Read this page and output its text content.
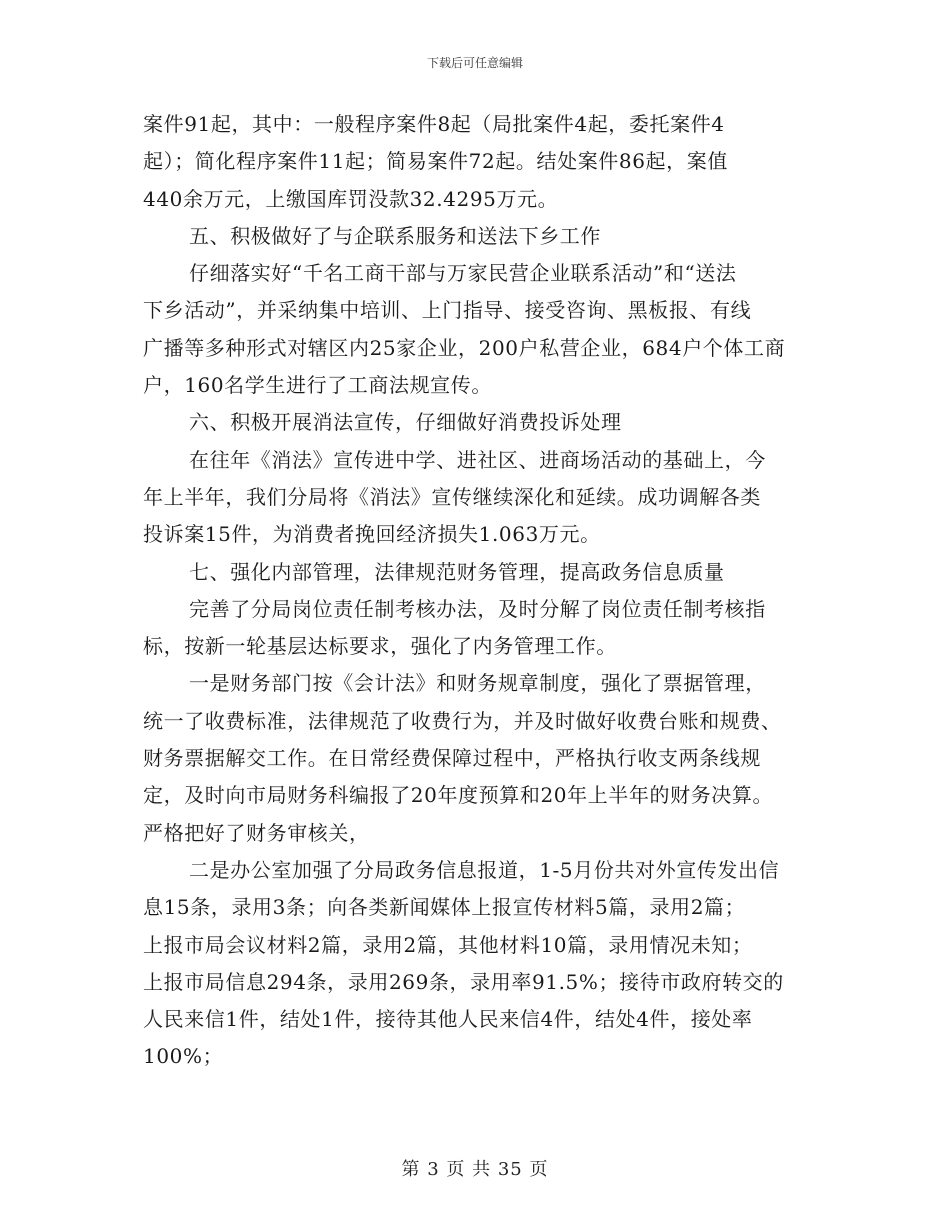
下载后可任意编辑
案件91起，其中：一般程序案件8起（局批案件4起，委托案件4
起）；简化程序案件11起；简易案件72起。结处案件86起，案值
440余万元，上缴国库罚没款32.4295万元。
五、积极做好了与企联系服务和送法下乡工作
仔细落实好“千名工商干部与万家民营企业联系活动”和“送法
下乡活动”，并采纳集中培训、上门指导、接受咨询、黑板报、有线
广播等多种形式对辖区内25家企业，200户私营企业，684户个体工商
户，160名学生进行了工商法规宣传。
六、积极开展消法宣传，仔细做好消费投诉处理
在往年《消法》宣传进中学、进社区、进商场活动的基础上，今
年上半年，我们分局将《消法》宣传继续深化和延续。成功调解各类
投诉案15件，为消费者挽回经济损失1.063万元。
七、强化内部管理，法律规范财务管理，提高政务信息质量
完善了分局岗位责任制考核办法，及时分解了岗位责任制考核指
标，按新一轮基层达标要求，强化了内务管理工作。
一是财务部门按《会计法》和财务规章制度，强化了票据管理，
统一了收费标准，法律规范了收费行为，并及时做好收费台账和规费、
财务票据解交工作。在日常经费保障过程中，严格执行收支两条线规
定，及时向市局财务科编报了20年度预算和20年上半年的财务决算。
严格把好了财务审核关，
二是办公室加强了分局政务信息报道，1-5月份共对外宣传发出信
息15条，录用3条；向各类新闻媒体上报宣传材料5篇，录用2篇；
上报市局会议材料2篇，录用2篇，其他材料10篇，录用情况未知；
上报市局信息294条，录用269条，录用率91.5%；接待市政府转交的
人民来信1件，结处1件，接待其他人民来信4件，结处4件，接处率
100%；
第 3 页 共 35 页
